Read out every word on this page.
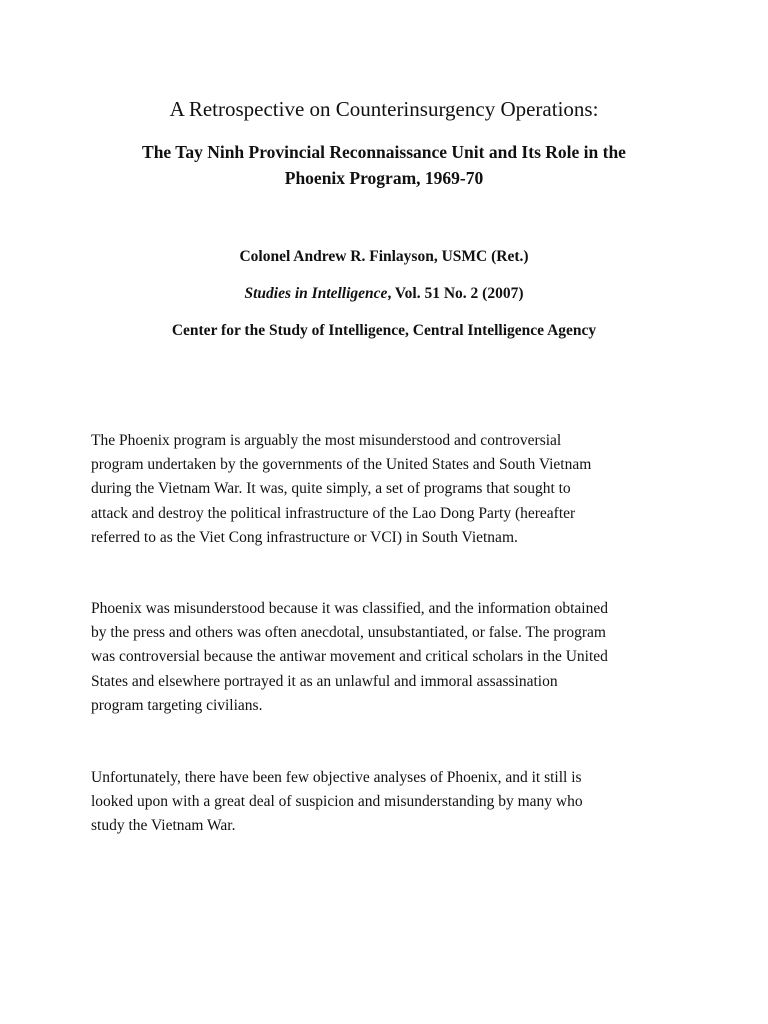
A Retrospective on Counterinsurgency Operations:
The Tay Ninh Provincial Reconnaissance Unit and Its Role in the
Phoenix Program, 1969-70

Colonel Andrew R. Finlayson, USMC (Ret.)

Studies in Intelligence, Vol. 51 No. 2 (2007)

Center for the Study of Intelligence, Central Intelligence Agency

The Phoenix program is arguably the most misunderstood and controversial
program undertaken by the governments of the United States and South Vietnam
during the Vietnam War. It was, quite simply, a set of programs that sought to
attack and destroy the political infrastructure of the Lao Dong Party (hereafter
referred to as the Viet Cong infrastructure or VCI) in South Vietnam.

Phoenix was misunderstood because it was classified, and the information obtained
by the press and others was often anecdotal, unsubstantiated, or false. The program
was controversial because the antiwar movement and critical scholars in the United
States and elsewhere portrayed it as an unlawful and immoral assassination
program targeting civilians.

Unfortunately, there have been few objective analyses of Phoenix, and it still is
looked upon with a great deal of suspicion and misunderstanding by many who
study the Vietnam War.
